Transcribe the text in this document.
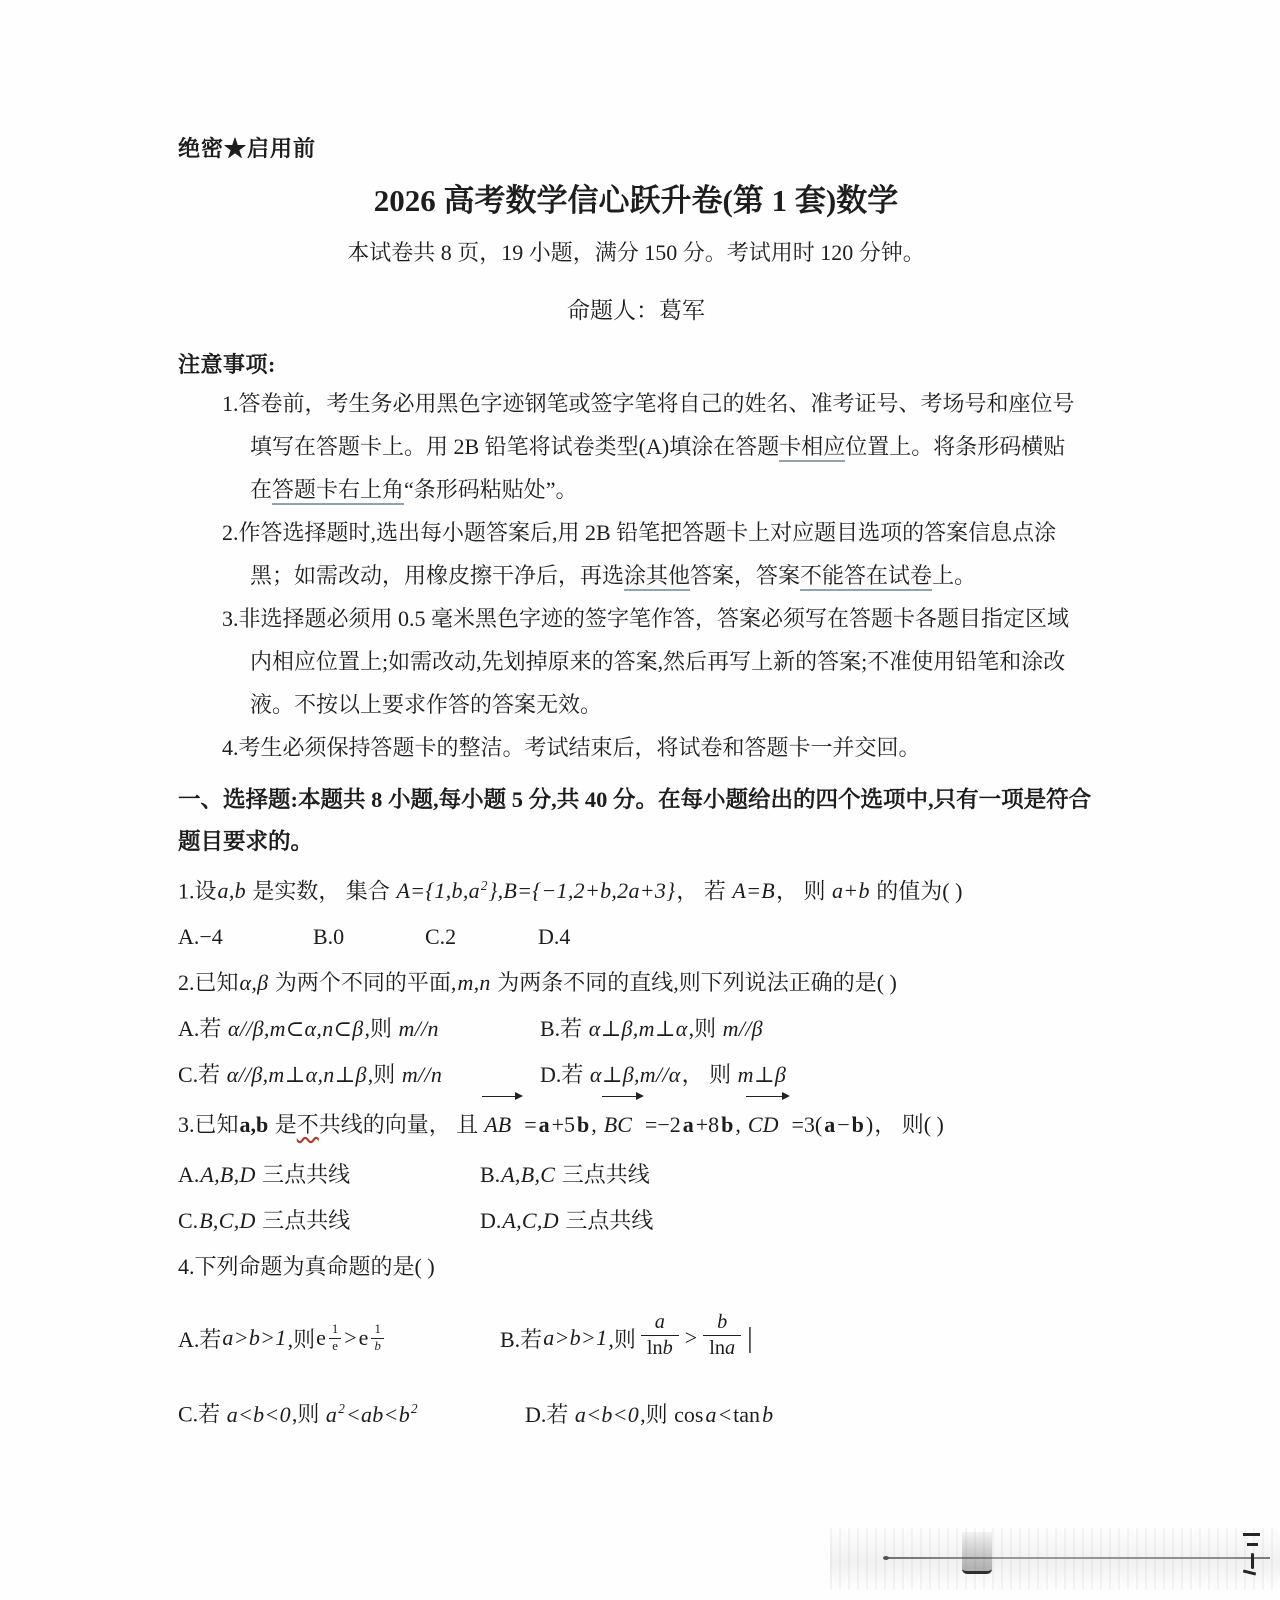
绝密★启用前
2026 高考数学信心跃升卷(第 1 套)数学
本试卷共 8 页，19 小题，满分 150 分。考试用时 120 分钟。
命题人：葛军
注意事项:
1.答卷前，考生务必用黑色字迹钢笔或签字笔将自己的姓名、准考证号、考场号和座位号
填写在答题卡上。用 2B 铅笔将试卷类型(A)填涂在答题卡相应位置上。将条形码横贴
在答题卡右上角“条形码粘贴处”。
2.作答选择题时,选出每小题答案后,用 2B 铅笔把答题卡上对应题目选项的答案信息点涂
黑；如需改动，用橡皮擦干净后，再选涂其他答案，答案不能答在试卷上。
3.非选择题必须用 0.5 毫米黑色字迹的签字笔作答，答案必须写在答题卡各题目指定区域
内相应位置上;如需改动,先划掉原来的答案,然后再写上新的答案;不准使用铅笔和涂改
液。不按以上要求作答的答案无效。
4.考生必须保持答题卡的整洁。考试结束后，将试卷和答题卡一并交回。
一、选择题:本题共 8 小题,每小题 5 分,共 40 分。在每小题给出的四个选项中,只有一项是符合
题目要求的。
1.设a,b 是实数， 集合 $A=\{1,b,a^2\},B=\{-1,2+b,2a+3\}$， 若 A=B， 则 a+b 的值为( )
A.−4	B.0	C.2	D.4
2.已知α,β 为两个不同的平面,m,n 为两条不同的直线,则下列说法正确的是( )
A.若 α//β,m⊂α,n⊂β,则 m//n	B.若 α⊥β,m⊥α,则 m//β
C.若 α//β,m⊥α,n⊥β,则 m//n	D.若 α⊥β,m//α， 则 m⊥β
3.已知a,b 是不共线的向量， 且 AB =a+5b, BC =−2a+8b, CD =3(a−b)， 则( )
A.A,B,D 三点共线	B.A,B,C 三点共线
C.B,C,D 三点共线	D.A,C,D 三点共线
4.下列命题为真命题的是( )
A.若 a>b>1 ,则 e $\frac{1}{e} > e \frac{1}{b}$	B.若 a>b>1 ,则 $\frac{a}{\ln b} > \frac{b}{\ln a}$ |
C.若 a<b<0,则 $a^2<ab<b^2$	D.若 a<b<0,则 cosa<tanb
